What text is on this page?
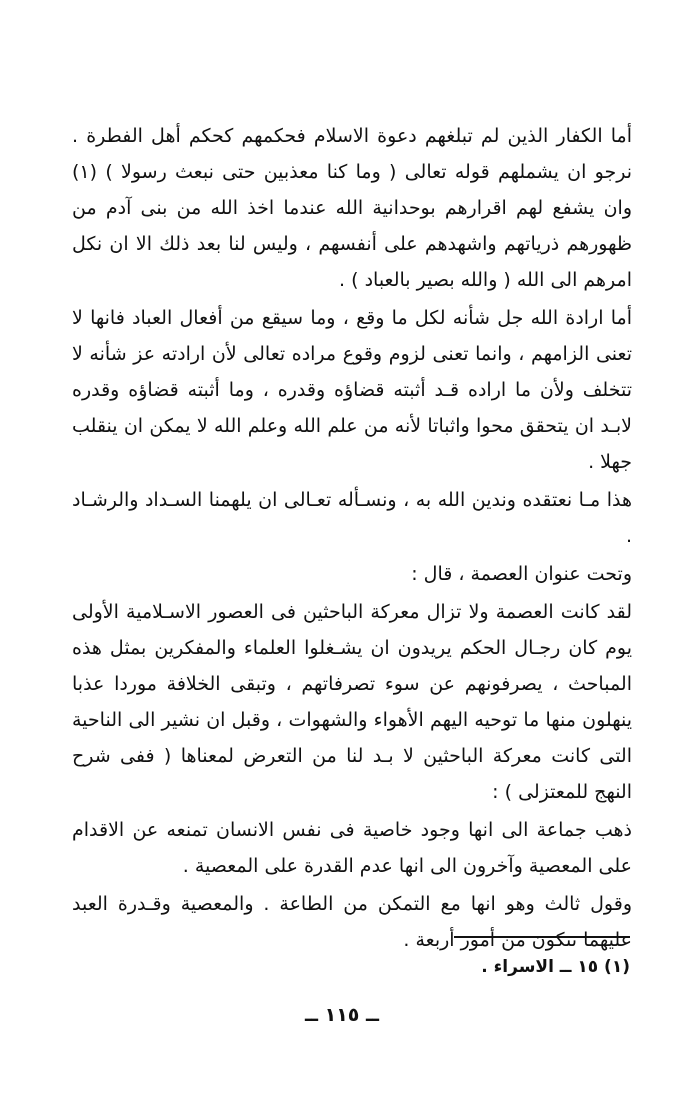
أما الكفار الذين لم تبلغهم دعوة الاسلام فحكمهم كحكم أهل الفطرة . نرجو ان يشملهم قوله تعالى ( وما كنا معذبين حتى نبعث رسولا ) (١) وان يشفع لهم اقرارهم بوحدانية الله عندما اخذ الله من بنى آدم من ظهورهم ذرياتهم واشهدهم على أنفسهم ، وليس لنا بعد ذلك الا ان نكل امرهم الى الله ( والله بصير بالعباد ) .

أما ارادة الله جل شأنه لكل ما وقع ، وما سيقع من أفعال العباد فانها لا تعنى الزامهم ، وانما تعنى لزوم وقوع مراده تعالى لأن ارادته عز شأنه لا تتخلف ولأن ما اراده قـد أثبته قضاؤه وقدره ، وما أثبته قضاؤه وقدره لابـد ان يتحقق محوا واثباتا لأنه من علم الله وعلم الله لا يمكن ان ينقلب جهلا .

هذا مـا نعتقده وندين الله به ، ونسـأله تعـالى ان يلهمنا السـداد والرشـاد .

وتحت عنوان العصمة ، قال :

لقد كانت العصمة ولا تزال معركة الباحثين فى العصور الاسـلامية الأولى يوم كان رجـال الحكم يريدون ان يشـغلوا العلماء والمفكرين بمثل هذه المباحث ، يصرفونهم عن سوء تصرفاتهم ، وتبقى الخلافة موردا عذبا ينهلون منها ما توحيه اليهم الأهواء والشهوات ، وقبل ان نشير الى الناحية التى كانت معركة الباحثين لا بـد لنا من التعرض لمعناها ( ففى شرح النهج للمعتزلى ) :

ذهب جماعة الى انها وجود خاصية فى نفس الانسان تمنعه عن الاقدام على المعصية وآخرون الى انها عدم القدرة على المعصية .

وقول ثالث وهو انها مع التمكن من الطاعة . والمعصية وقـدرة العبد عليهما تتكون من أمور أربعة .

(١) ١٥ ــ الاسراء .
ــ ١١٥ ــ
